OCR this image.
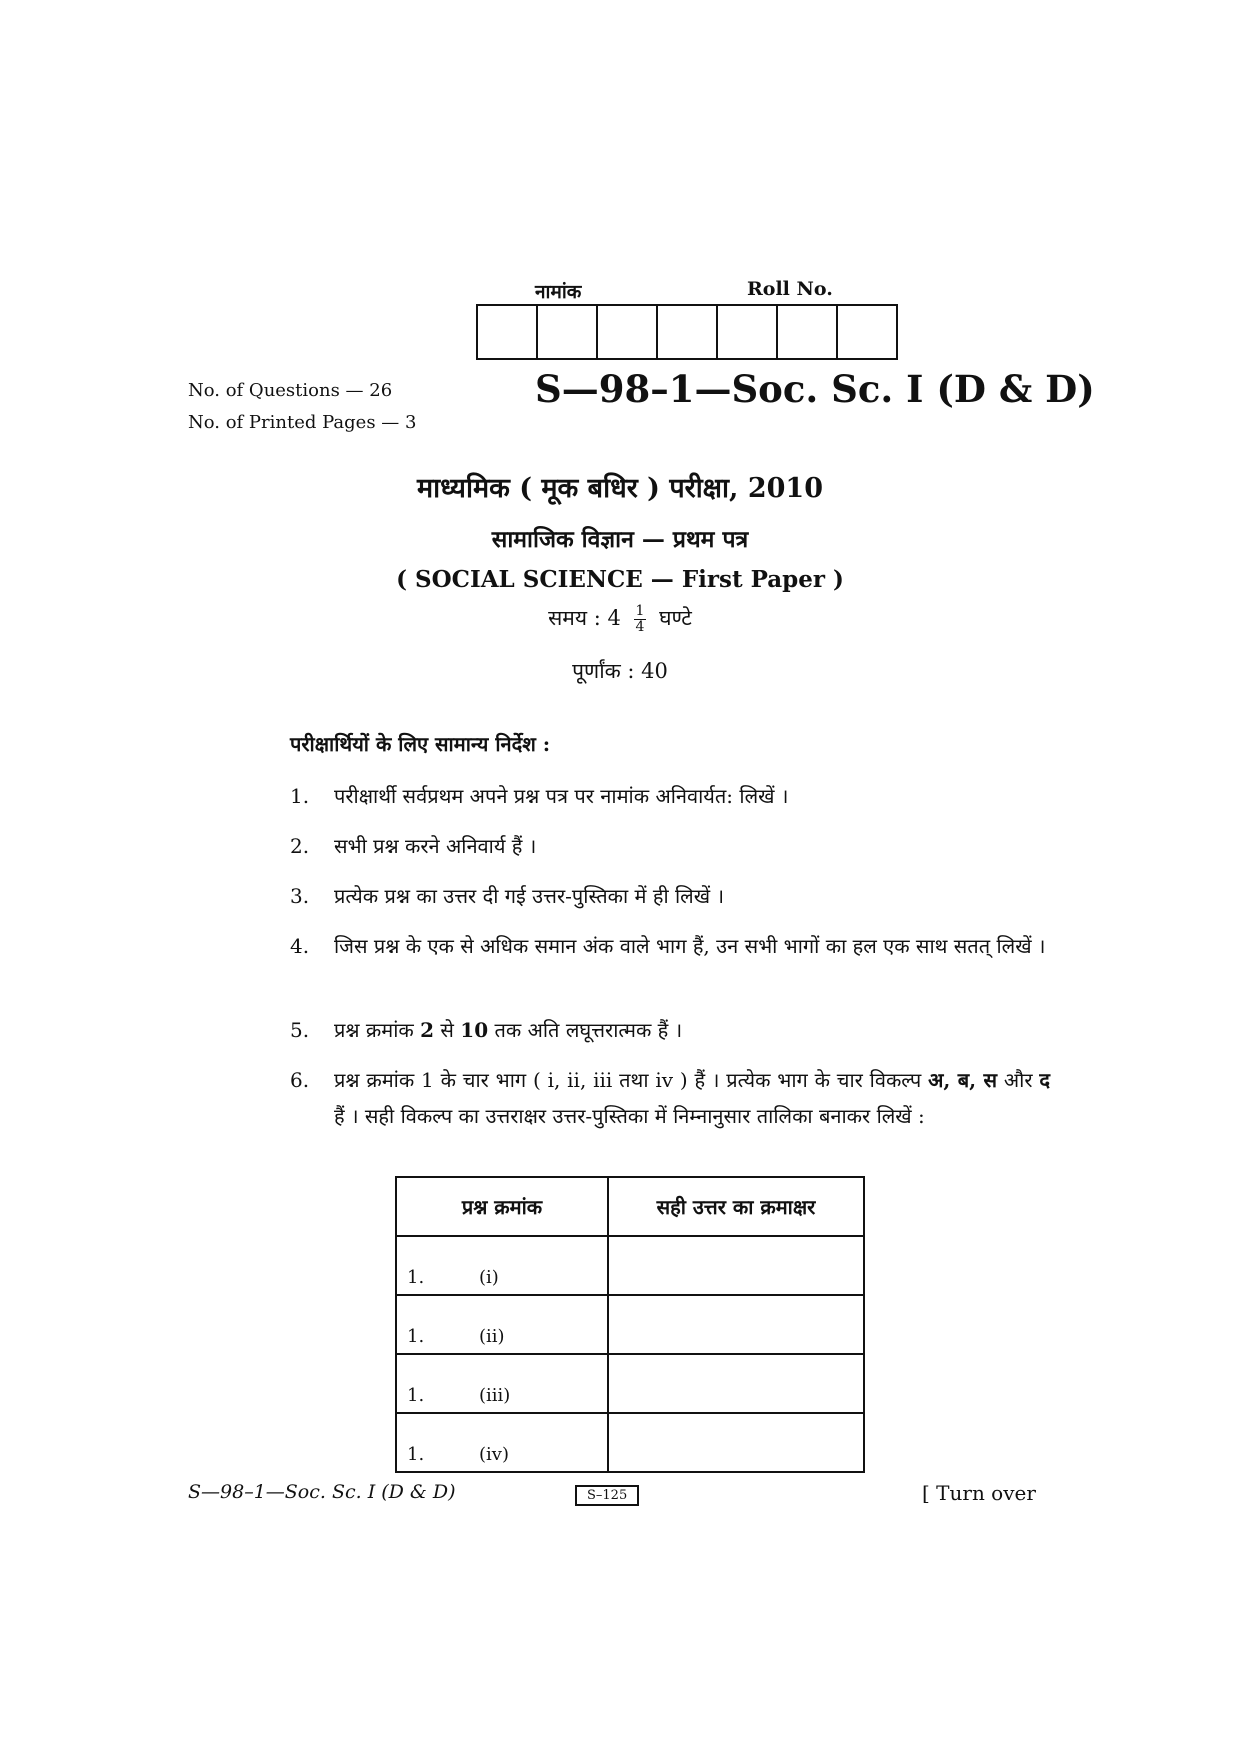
नामांक	Roll No.
No. of Questions — 26
No. of Printed Pages — 3
S—98–1—Soc. Sc. I (D & D)
माध्यमिक ( मूक बधिर ) परीक्षा, 2010
सामाजिक विज्ञान — प्रथम पत्र
( SOCIAL SCIENCE — First Paper )
समय : $4 \frac{1}{4}$ घण्टे
पूर्णांक : 40
परीक्षार्थियों के लिए सामान्य निर्देश :
1.	परीक्षार्थी सर्वप्रथम अपने प्रश्न पत्र पर नामांक अनिवार्यत: लिखें ।
2.	सभी प्रश्न करने अनिवार्य हैं ।
3.	प्रत्येक प्रश्न का उत्तर दी गई उत्तर-पुस्तिका में ही लिखें ।
4.	जिस प्रश्न के एक से अधिक समान अंक वाले भाग हैं, उन सभी भागों का हल एक साथ सतत् लिखें ।
5.	प्रश्न क्रमांक 2 से 10 तक अति लघूत्तरात्मक हैं ।
6.	प्रश्न क्रमांक 1 के चार भाग ( i, ii, iii तथा iv ) हैं । प्रत्येक भाग के चार विकल्प अ, ब, स और द हैं । सही विकल्प का उत्तराक्षर उत्तर-पुस्तिका में निम्नानुसार तालिका बनाकर लिखें :
प्रश्न क्रमांक	सही उत्तर का क्रमाक्षर
1. (i)	
1. (ii)	
1. (iii)	
1. (iv)	
S—98–1—Soc. Sc. I (D & D)	S–125	[ Turn over
